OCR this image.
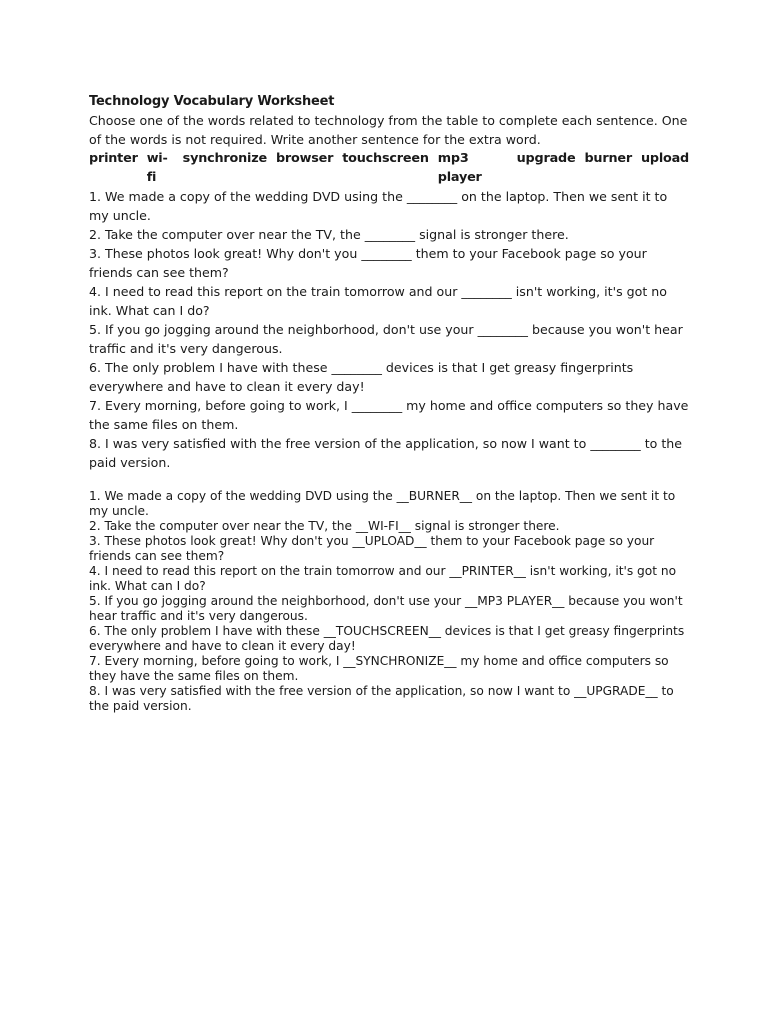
Technology Vocabulary Worksheet

Choose one of the words related to technology from the table to complete each sentence. One of the words is not required. Write another sentence for the extra word.

printer wi-fi
synchronize browser touchscreen mp3 player
upgrade burner upload
1. We made a copy of the wedding DVD using the ________ on the laptop. Then we sent it to my uncle.
2. Take the computer over near the TV, the ________ signal is stronger there.
3. These photos look great! Why don't you ________ them to your Facebook page so your friends can see them?
4. I need to read this report on the train tomorrow and our ________ isn't working, it's got no ink. What can I do?
5. If you go jogging around the neighborhood, don't use your ________ because you won't hear traffic and it's very dangerous.
6. The only problem I have with these ________ devices is that I get greasy fingerprints everywhere and have to clean it every day!
7. Every morning, before going to work, I ________ my home and office computers so they have the same files on them.
8. I was very satisfied with the free version of the application, so now I want to ________ to the paid version.
1. We made a copy of the wedding DVD using the __BURNER__ on the laptop. Then we sent it to my uncle.
2. Take the computer over near the TV, the __WI-FI__ signal is stronger there.
3. These photos look great! Why don't you __UPLOAD__ them to your Facebook page so your friends can see them?
4. I need to read this report on the train tomorrow and our __PRINTER__ isn't working, it's got no ink. What can I do?
5. If you go jogging around the neighborhood, don't use your __MP3 PLAYER__ because you won't hear traffic and it's very dangerous.
6. The only problem I have with these __TOUCHSCREEN__ devices is that I get greasy fingerprints everywhere and have to clean it every day!
7. Every morning, before going to work, I __SYNCHRONIZE__ my home and office computers so they have the same files on them.
8. I was very satisfied with the free version of the application, so now I want to __UPGRADE__ to the paid version.
